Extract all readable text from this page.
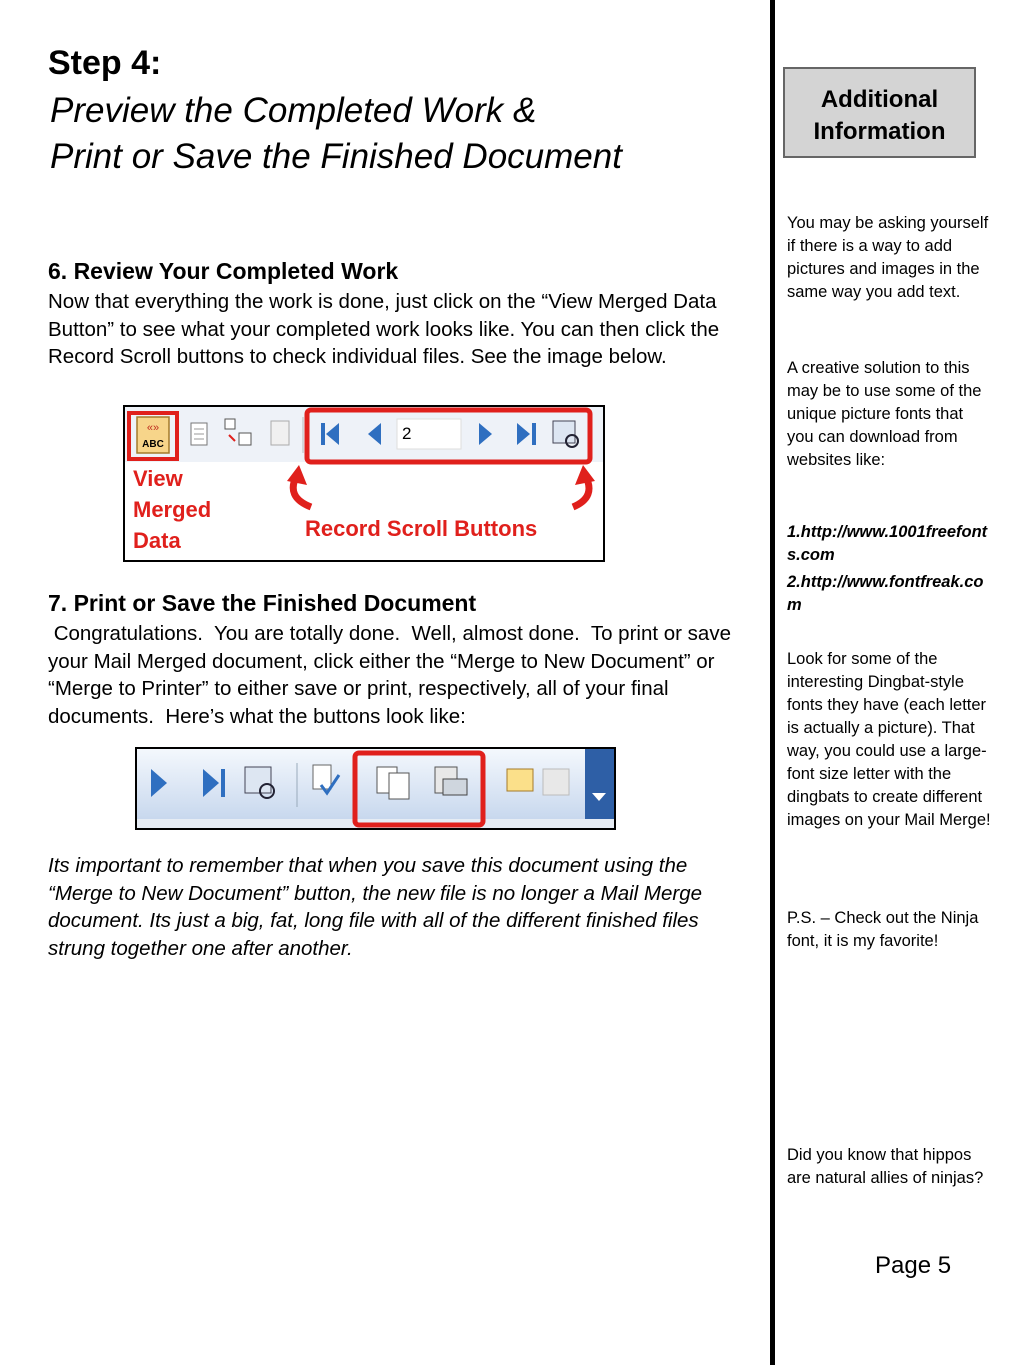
Step 4:
Preview the Completed Work &
Print or Save the Finished Document
6. Review Your Completed Work
Now that everything the work is done, just click on the “View Merged Data Button” to see what your completed work looks like. You can then click the Record Scroll buttons to check individual files. See the image below.
«»
ABC
2
View
Merged
Data	Record Scroll Buttons
7. Print or Save the Finished Document
Congratulations.  You are totally done.  Well, almost done.  To print or save your Mail Merged document, click either the “Merge to New Document” or “Merge to Printer” to either save or print, respectively, all of your final documents.  Here’s what the buttons look like:
Its important to remember that when you save this document using the “Merge to New Document” button, the new file is no longer a Mail Merge document. Its just a big, fat, long file with all of the different finished files strung together one after another.
Additional
Information
You may be asking yourself if there is a way to add pictures and images in the same way you add text.
A creative solution to this may be to use some of the unique picture fonts that you can download from websites like:
1.http://www.1001freefonts.com
2.http://www.fontfreak.com
Look for some of the interesting Dingbat-style fonts they have (each letter is actually a picture). That way, you could use a large-font size letter with the dingbats to create different images on your Mail Merge!
P.S. – Check out the Ninja font, it is my favorite!
Did you know that hippos are natural allies of ninjas?
Page 5
